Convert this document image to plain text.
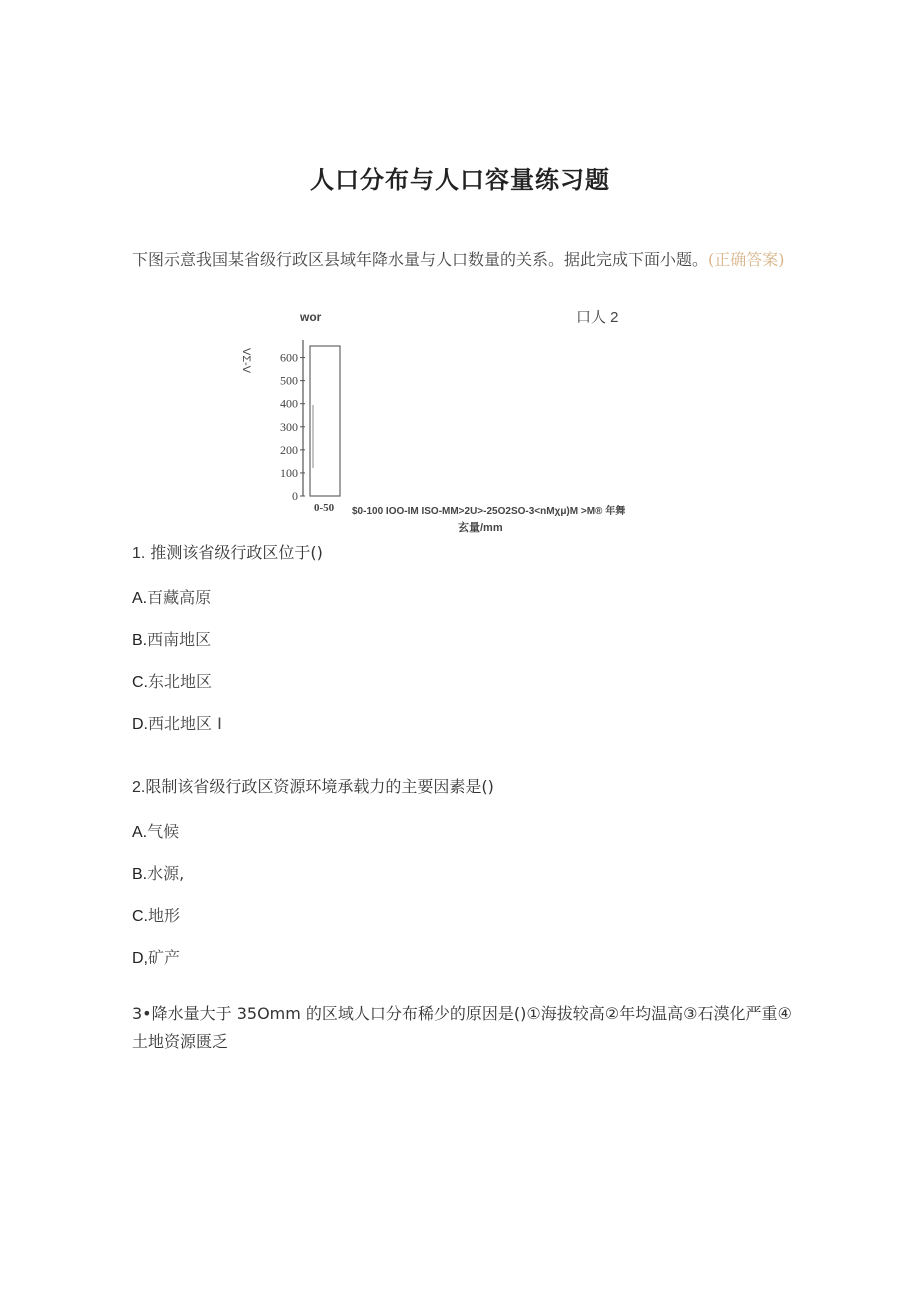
人口分布与人口容量练习题
下图示意我国某省级行政区县域年降水量与人口数量的关系。据此完成下面小题。(正确答案)
0
100
200
300
400
500
600
wor	口人 2
VΣ-V
0-50 $0-100 IOO-IM ISO-MM>2U>-25O2SO-3<nMχμ)M >M® 年舞
玄量/mm
1. 推测该省级行政区位于()
A.百藏高原
B.西南地区
C.东北地区
D.西北地区 I
2.限制该省级行政区资源环境承载力的主要因素是()
A.气候
B.水源,
C.地形
D,矿产
3•降水量大于 35Omm 的区域人口分布稀少的原因是()①海拔较高②年均温高③石漠化严重④土地资源匮乏
